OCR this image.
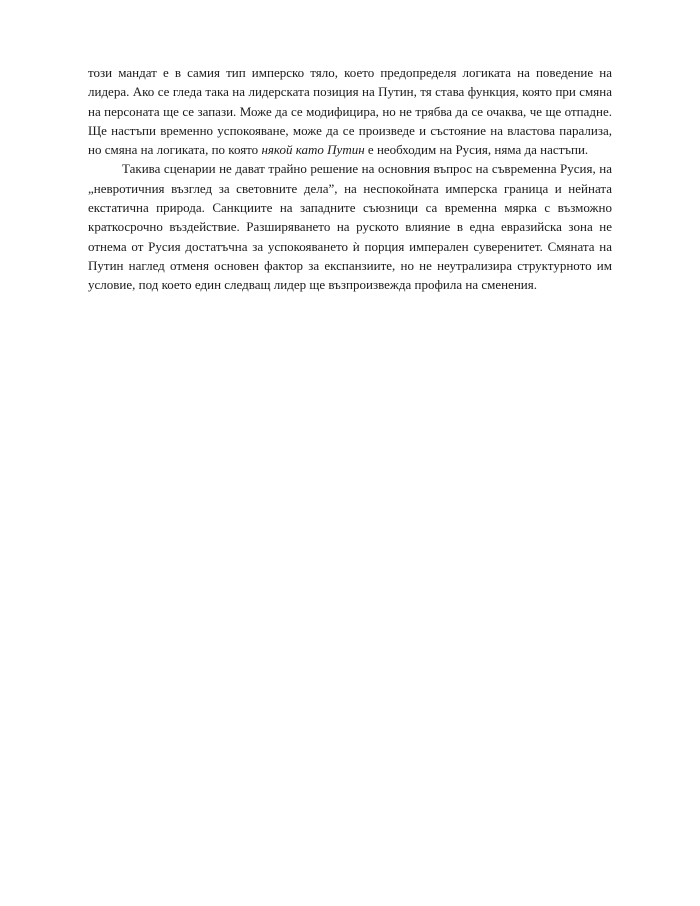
този мандат е в самия тип имперско тяло, което предопределя логиката на поведение на лидера. Ако се гледа така на лидерската позиция на Путин, тя става функция, която при смяна на персоната ще се запази. Може да се модифицира, но не трябва да се очаква, че ще отпадне. Ще настъпи временно успокояване, може да се произведе и състояние на властова парализа, но смяна на логиката, по която някой като Путин е необходим на Русия, няма да настъпи.

Такива сценарии не дават трайно решение на основния въпрос на съвременна Русия, на „невротичния възглед за световните дела”, на неспокойната имперска граница и нейната екстатична природа. Санкциите на западните съюзници са временна мярка с възможно краткосрочно въздействие. Разширяването на руското влияние в една евразийска зона не отнема от Русия достатъчна за успокояването ѝ порция имперален суверенитет. Смяната на Путин наглед отменя основен фактор за експанзиите, но не неутрализира структурното им условие, под което един следващ лидер ще възпроизвежда профила на сменения.
